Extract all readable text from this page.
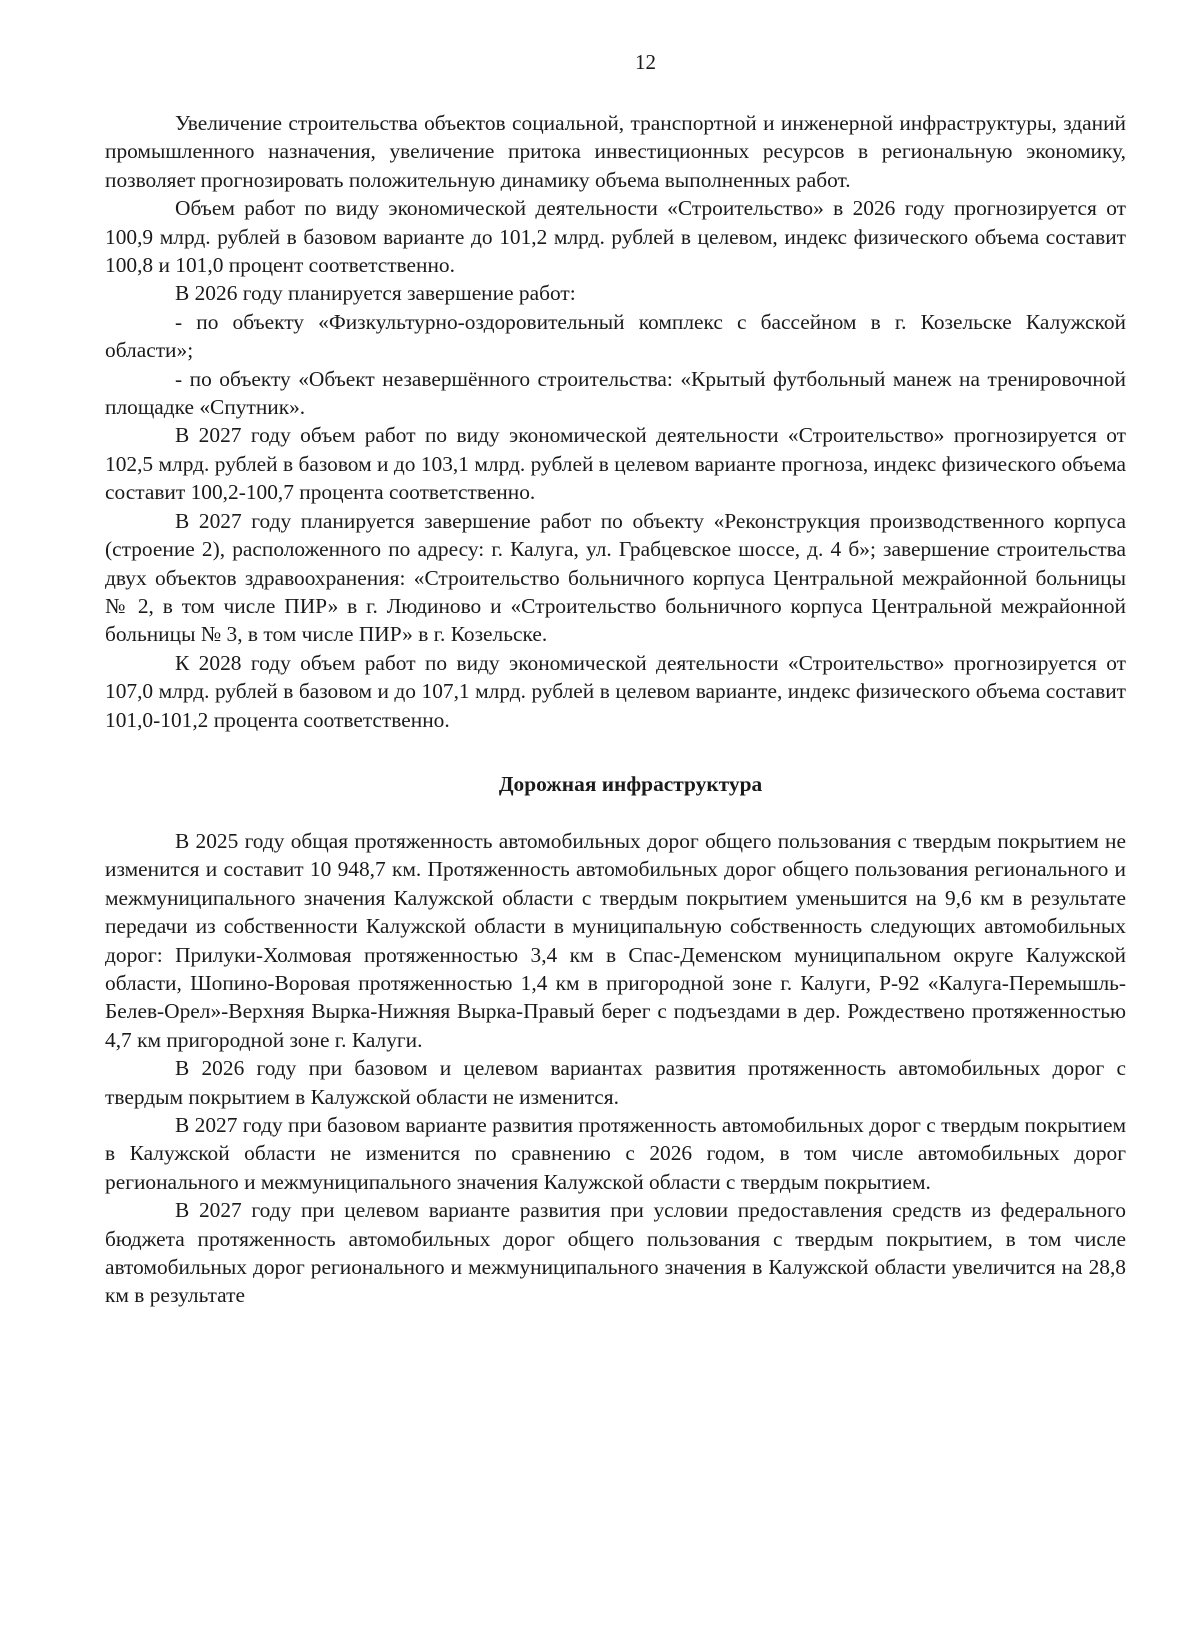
12

Увеличение строительства объектов социальной, транспортной и инженерной инфраструктуры, зданий промышленного назначения, увеличение притока инвестиционных ресурсов в региональную экономику, позволяет прогнозировать положительную динамику объема выполненных работ.

Объем работ по виду экономической деятельности «Строительство» в 2026 году прогнозируется от 100,9 млрд. рублей в базовом варианте до 101,2 млрд. рублей в целевом, индекс физического объема составит 100,8 и 101,0 процент соответственно.

В 2026 году планируется завершение работ:

- по объекту «Физкультурно-оздоровительный комплекс с бассейном в г. Козельске Калужской области»;

- по объекту «Объект незавершённого строительства: «Крытый футбольный манеж на тренировочной площадке «Спутник».

В 2027 году объем работ по виду экономической деятельности «Строительство» прогнозируется от 102,5 млрд. рублей в базовом и до 103,1 млрд. рублей в целевом варианте прогноза, индекс физического объема составит 100,2-100,7 процента соответственно.

В 2027 году планируется завершение работ по объекту «Реконструкция производственного корпуса (строение 2), расположенного по адресу: г. Калуга, ул. Грабцевское шоссе, д. 4 б»; завершение строительства двух объектов здравоохранения: «Строительство больничного корпуса Центральной межрайонной больницы № 2, в том числе ПИР» в г. Людиново и «Строительство больничного корпуса Центральной межрайонной больницы № 3, в том числе ПИР» в г. Козельске.

К 2028 году объем работ по виду экономической деятельности «Строительство» прогнозируется от 107,0 млрд. рублей в базовом и до 107,1 млрд. рублей в целевом варианте, индекс физического объема составит 101,0-101,2 процента соответственно.

Дорожная инфраструктура

В 2025 году общая протяженность автомобильных дорог общего пользования с твердым покрытием не изменится и составит 10 948,7 км. Протяженность автомобильных дорог общего пользования регионального и межмуниципального значения Калужской области с твердым покрытием уменьшится на 9,6 км в результате передачи из собственности Калужской области в муниципальную собственность следующих автомобильных дорог: Прилуки-Холмовая протяженностью 3,4 км в Спас-Деменском муниципальном округе Калужской области, Шопино-Воровая протяженностью 1,4 км в пригородной зоне г. Калуги, Р-92 «Калуга-Перемышль-Белев-Орел»-Верхняя Вырка-Нижняя Вырка-Правый берег с подъездами в дер. Рождествено протяженностью 4,7 км пригородной зоне г. Калуги.

В 2026 году при базовом и целевом вариантах развития протяженность автомобильных дорог с твердым покрытием в Калужской области не изменится.

В 2027 году при базовом варианте развития протяженность автомобильных дорог с твердым покрытием в Калужской области не изменится по сравнению с 2026 годом, в том числе автомобильных дорог регионального и межмуниципального значения Калужской области с твердым покрытием.

В 2027 году при целевом варианте развития при условии предоставления средств из федерального бюджета протяженность автомобильных дорог общего пользования с твердым покрытием, в том числе автомобильных дорог регионального и межмуниципального значения в Калужской области увеличится на 28,8 км в результате
